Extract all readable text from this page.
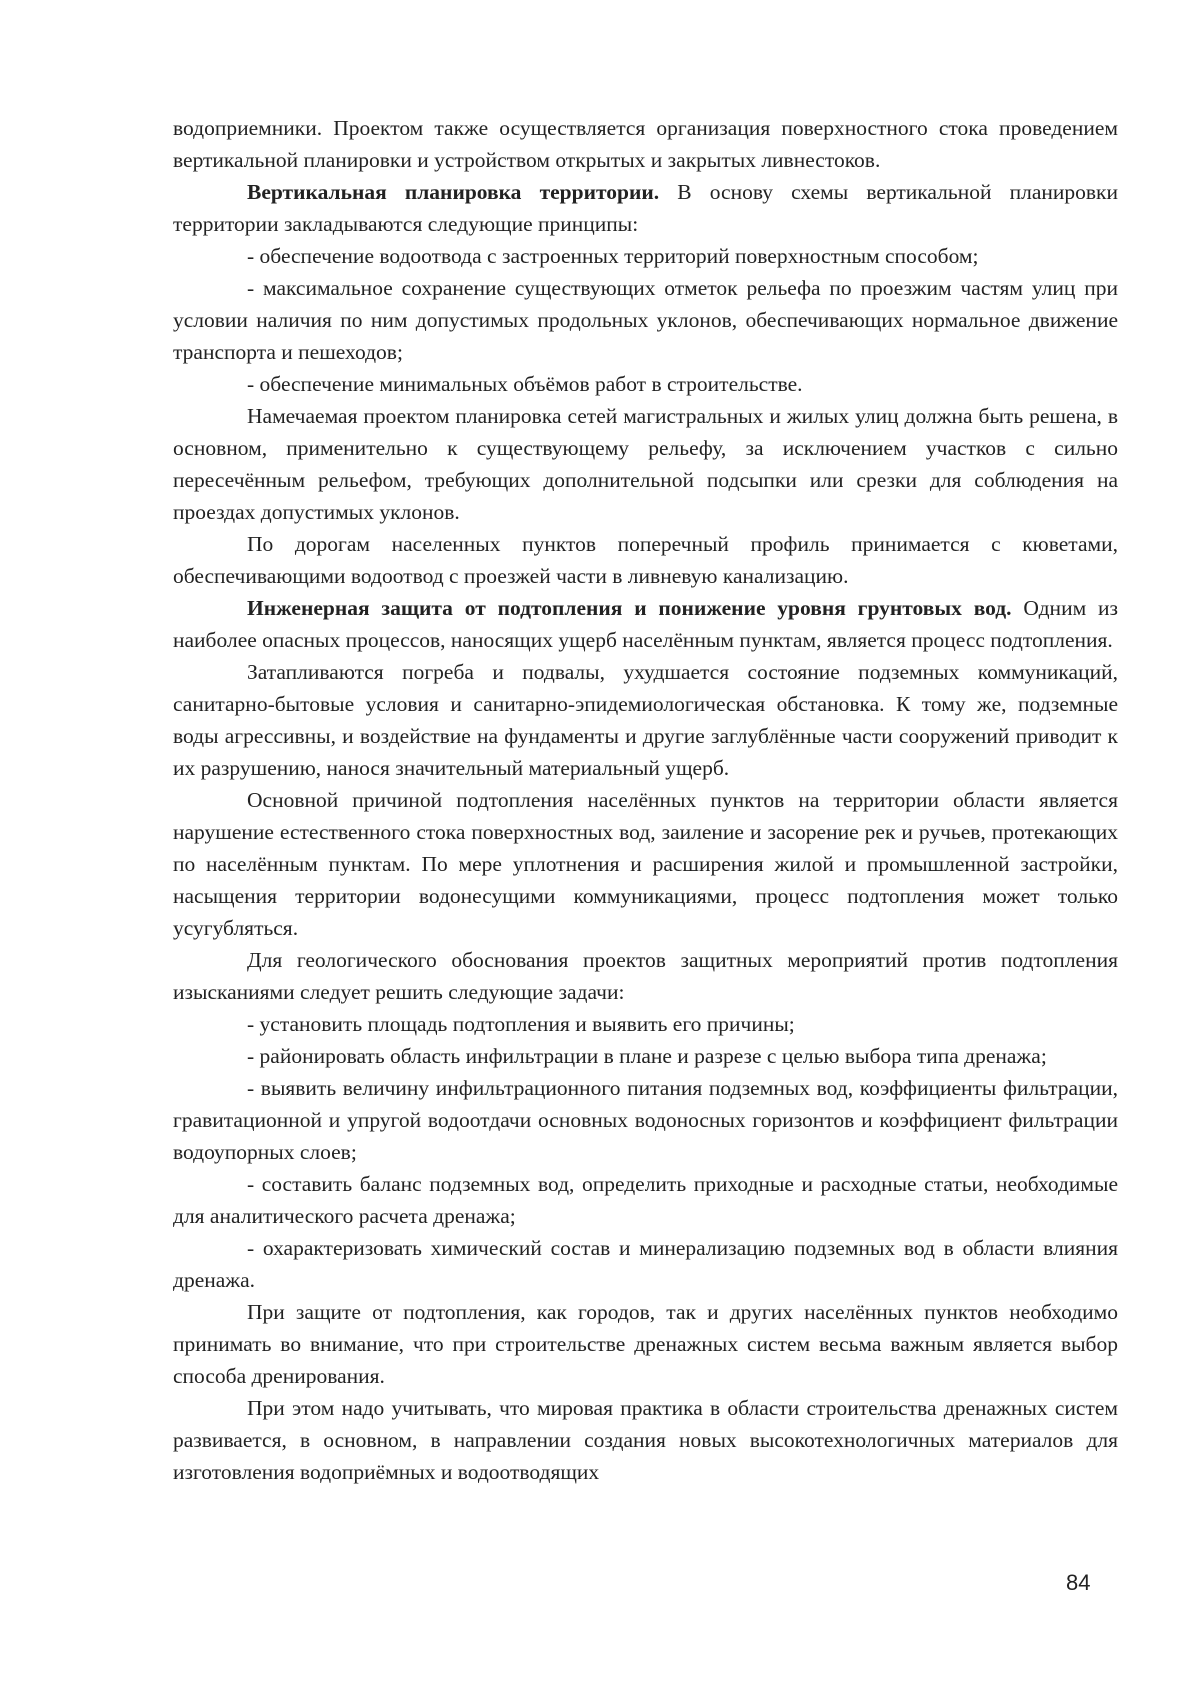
водоприемники. Проектом также осуществляется организация поверхностного стока проведением вертикальной планировки и устройством открытых и закрытых ливнестоков.

Вертикальная планировка территории. В основу схемы вертикальной планировки территории закладываются следующие принципы:

- обеспечение водоотвода с застроенных территорий поверхностным способом;

- максимальное сохранение существующих отметок рельефа по проезжим частям улиц при условии наличия по ним допустимых продольных уклонов, обеспечивающих нормальное движение транспорта и пешеходов;

- обеспечение минимальных объёмов работ в строительстве.

Намечаемая проектом планировка сетей магистральных и жилых улиц должна быть решена, в основном, применительно к существующему рельефу, за исключением участков с сильно пересечённым рельефом, требующих дополнительной подсыпки или срезки для соблюдения на проездах допустимых уклонов.

По дорогам населенных пунктов поперечный профиль принимается с кюветами, обеспечивающими водоотвод с проезжей части в ливневую канализацию.

Инженерная защита от подтопления и понижение уровня грунтовых вод. Одним из наиболее опасных процессов, наносящих ущерб населённым пунктам, является процесс подтопления.

Затапливаются погреба и подвалы, ухудшается состояние подземных коммуникаций, санитарно-бытовые условия и санитарно-эпидемиологическая обстановка. К тому же, подземные воды агрессивны, и воздействие на фундаменты и другие заглублённые части сооружений приводит к их разрушению, нанося значительный материальный ущерб.

Основной причиной подтопления населённых пунктов на территории области является нарушение естественного стока поверхностных вод, заиление и засорение рек и ручьев, протекающих по населённым пунктам. По мере уплотнения и расширения жилой и промышленной застройки, насыщения территории водонесущими коммуникациями, процесс подтопления может только усугубляться.

Для геологического обоснования проектов защитных мероприятий против подтопления изысканиями следует решить следующие задачи:

- установить площадь подтопления и выявить его причины;

- районировать область инфильтрации в плане и разрезе с целью выбора типа дренажа;

- выявить величину инфильтрационного питания подземных вод, коэффициенты фильтрации, гравитационной и упругой водоотдачи основных водоносных горизонтов и коэффициент фильтрации водоупорных слоев;

- составить баланс подземных вод, определить приходные и расходные статьи, необходимые для аналитического расчета дренажа;

- охарактеризовать химический состав и минерализацию подземных вод в области влияния дренажа.

При защите от подтопления, как городов, так и других населённых пунктов необходимо принимать во внимание, что при строительстве дренажных систем весьма важным является выбор способа дренирования.

При этом надо учитывать, что мировая практика в области строительства дренажных систем развивается, в основном, в направлении создания новых высокотехнологичных материалов для изготовления водоприёмных и водоотводящих

84
